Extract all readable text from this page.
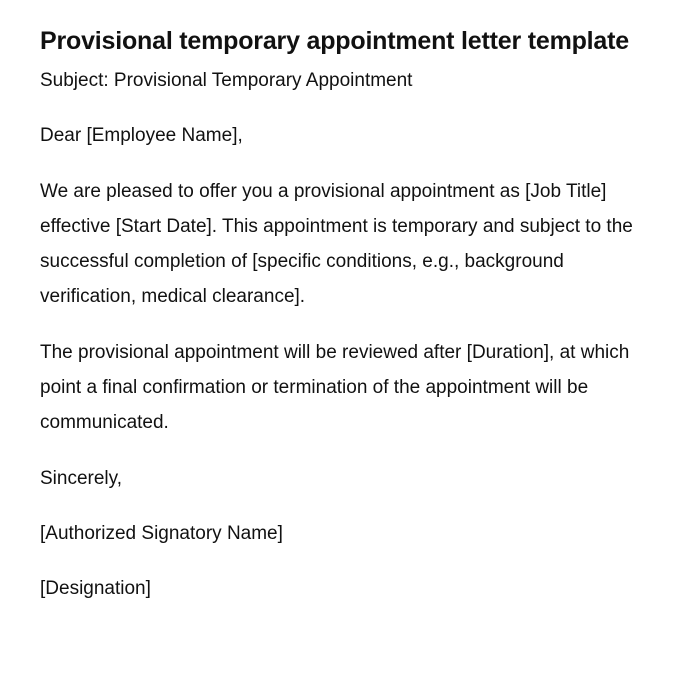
Provisional temporary appointment letter template

Subject: Provisional Temporary Appointment

Dear [Employee Name],

We are pleased to offer you a provisional appointment as [Job Title] effective [Start Date]. This appointment is temporary and subject to the successful completion of [specific conditions, e.g., background verification, medical clearance].

The provisional appointment will be reviewed after [Duration], at which point a final confirmation or termination of the appointment will be communicated.

Sincerely,

[Authorized Signatory Name]

[Designation]
